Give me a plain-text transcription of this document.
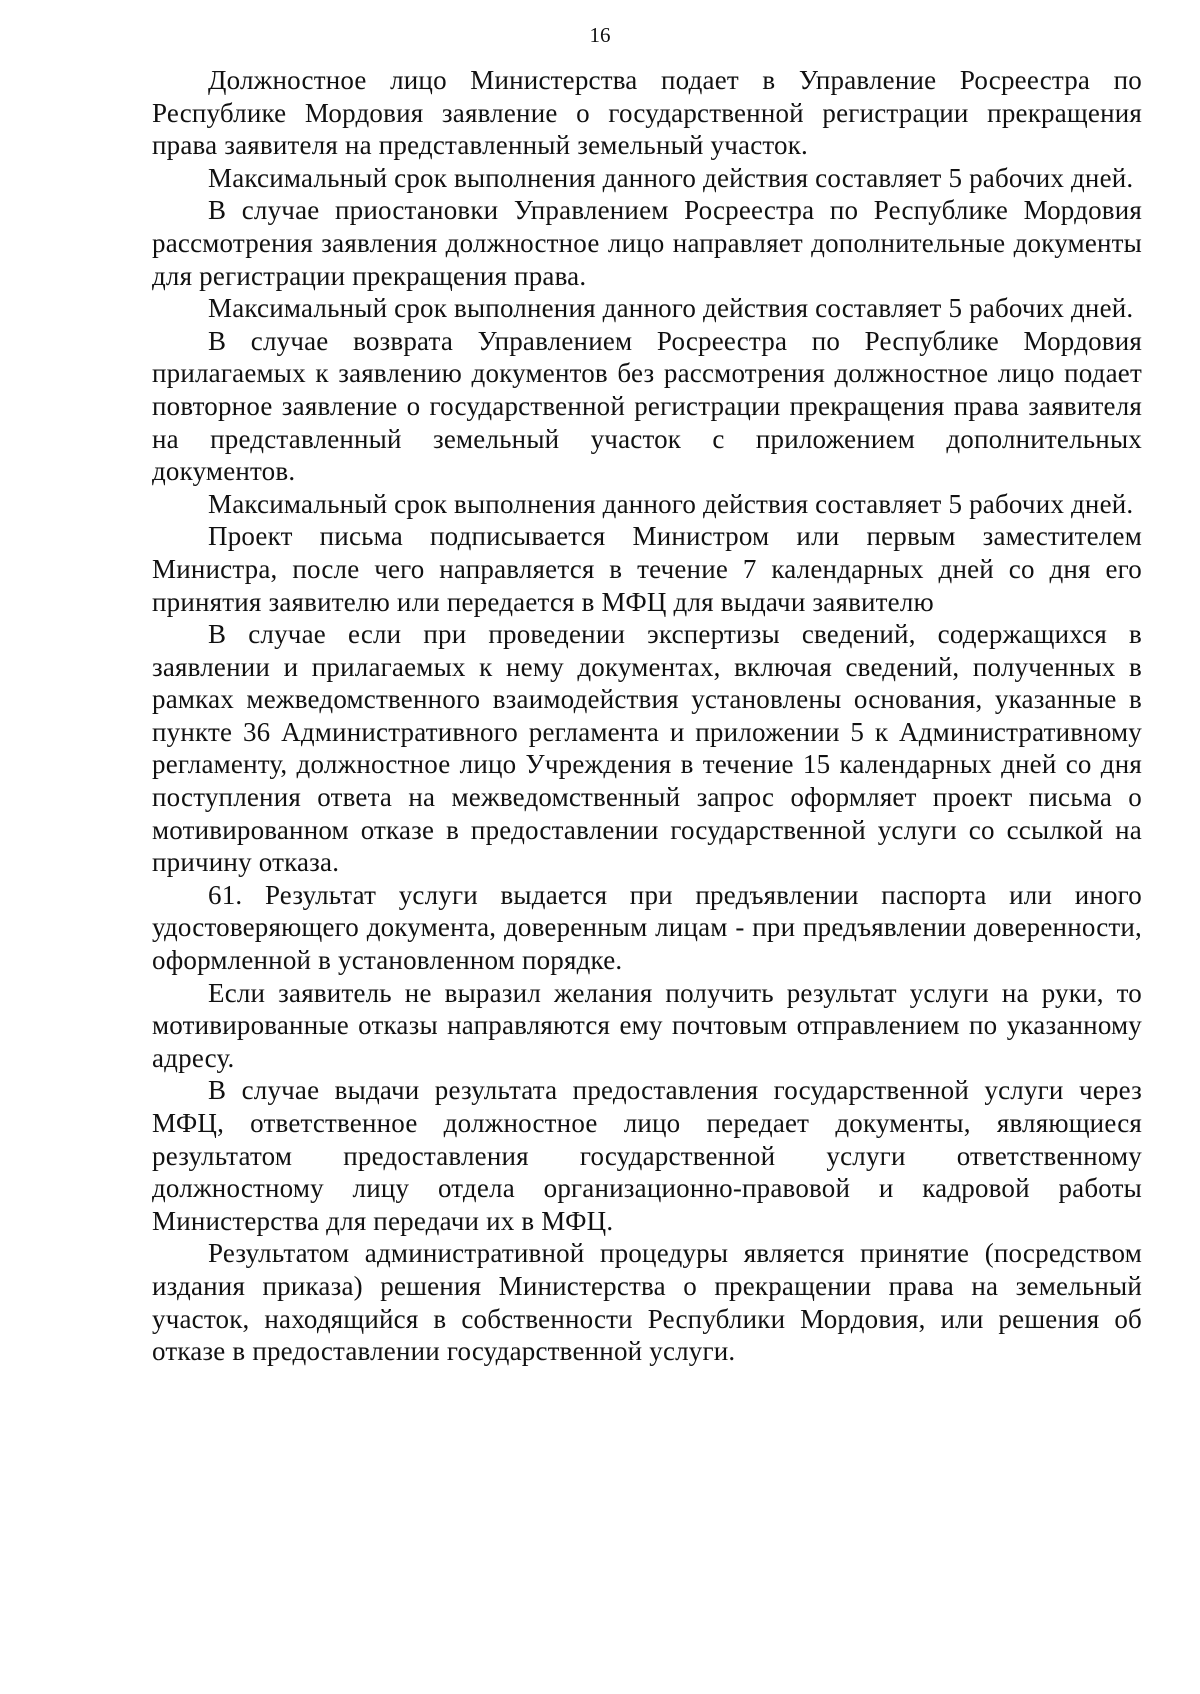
16

Должностное лицо Министерства подает в Управление Росреестра по Республике Мордовия заявление о государственной регистрации прекращения права заявителя на представленный земельный участок.

Максимальный срок выполнения данного действия составляет 5 рабочих дней.

В случае приостановки Управлением Росреестра по Республике Мордовия рассмотрения заявления должностное лицо направляет дополнительные документы для регистрации прекращения права.

Максимальный срок выполнения данного действия составляет 5 рабочих дней.

В случае возврата Управлением Росреестра по Республике Мордовия прилагаемых к заявлению документов без рассмотрения должностное лицо подает повторное заявление о государственной регистрации прекращения права заявителя на представленный земельный участок с приложением дополнительных документов.

Максимальный срок выполнения данного действия составляет 5 рабочих дней.

Проект письма подписывается Министром или первым заместителем Министра, после чего направляется в течение 7 календарных дней со дня его принятия заявителю или передается в МФЦ для выдачи заявителю

В случае если при проведении экспертизы сведений, содержащихся в заявлении и прилагаемых к нему документах, включая сведений, полученных в рамках межведомственного взаимодействия установлены основания, указанные в пункте 36 Административного регламента и приложении 5 к Административному регламенту, должностное лицо Учреждения в течение 15 календарных дней со дня поступления ответа на межведомственный запрос оформляет проект письма о мотивированном отказе в предоставлении государственной услуги со ссылкой на причину отказа.

61. Результат услуги выдается при предъявлении паспорта или иного удостоверяющего документа, доверенным лицам - при предъявлении доверенности, оформленной в установленном порядке.

Если заявитель не выразил желания получить результат услуги на руки, то мотивированные отказы направляются ему почтовым отправлением по указанному адресу.

В случае выдачи результата предоставления государственной услуги через МФЦ, ответственное должностное лицо передает документы, являющиеся результатом предоставления государственной услуги ответственному должностному лицу отдела организационно-правовой и кадровой работы Министерства для передачи их в МФЦ.

Результатом административной процедуры является принятие (посредством издания приказа) решения Министерства о прекращении права на земельный участок, находящийся в собственности Республики Мордовия, или решения об отказе в предоставлении государственной услуги.
